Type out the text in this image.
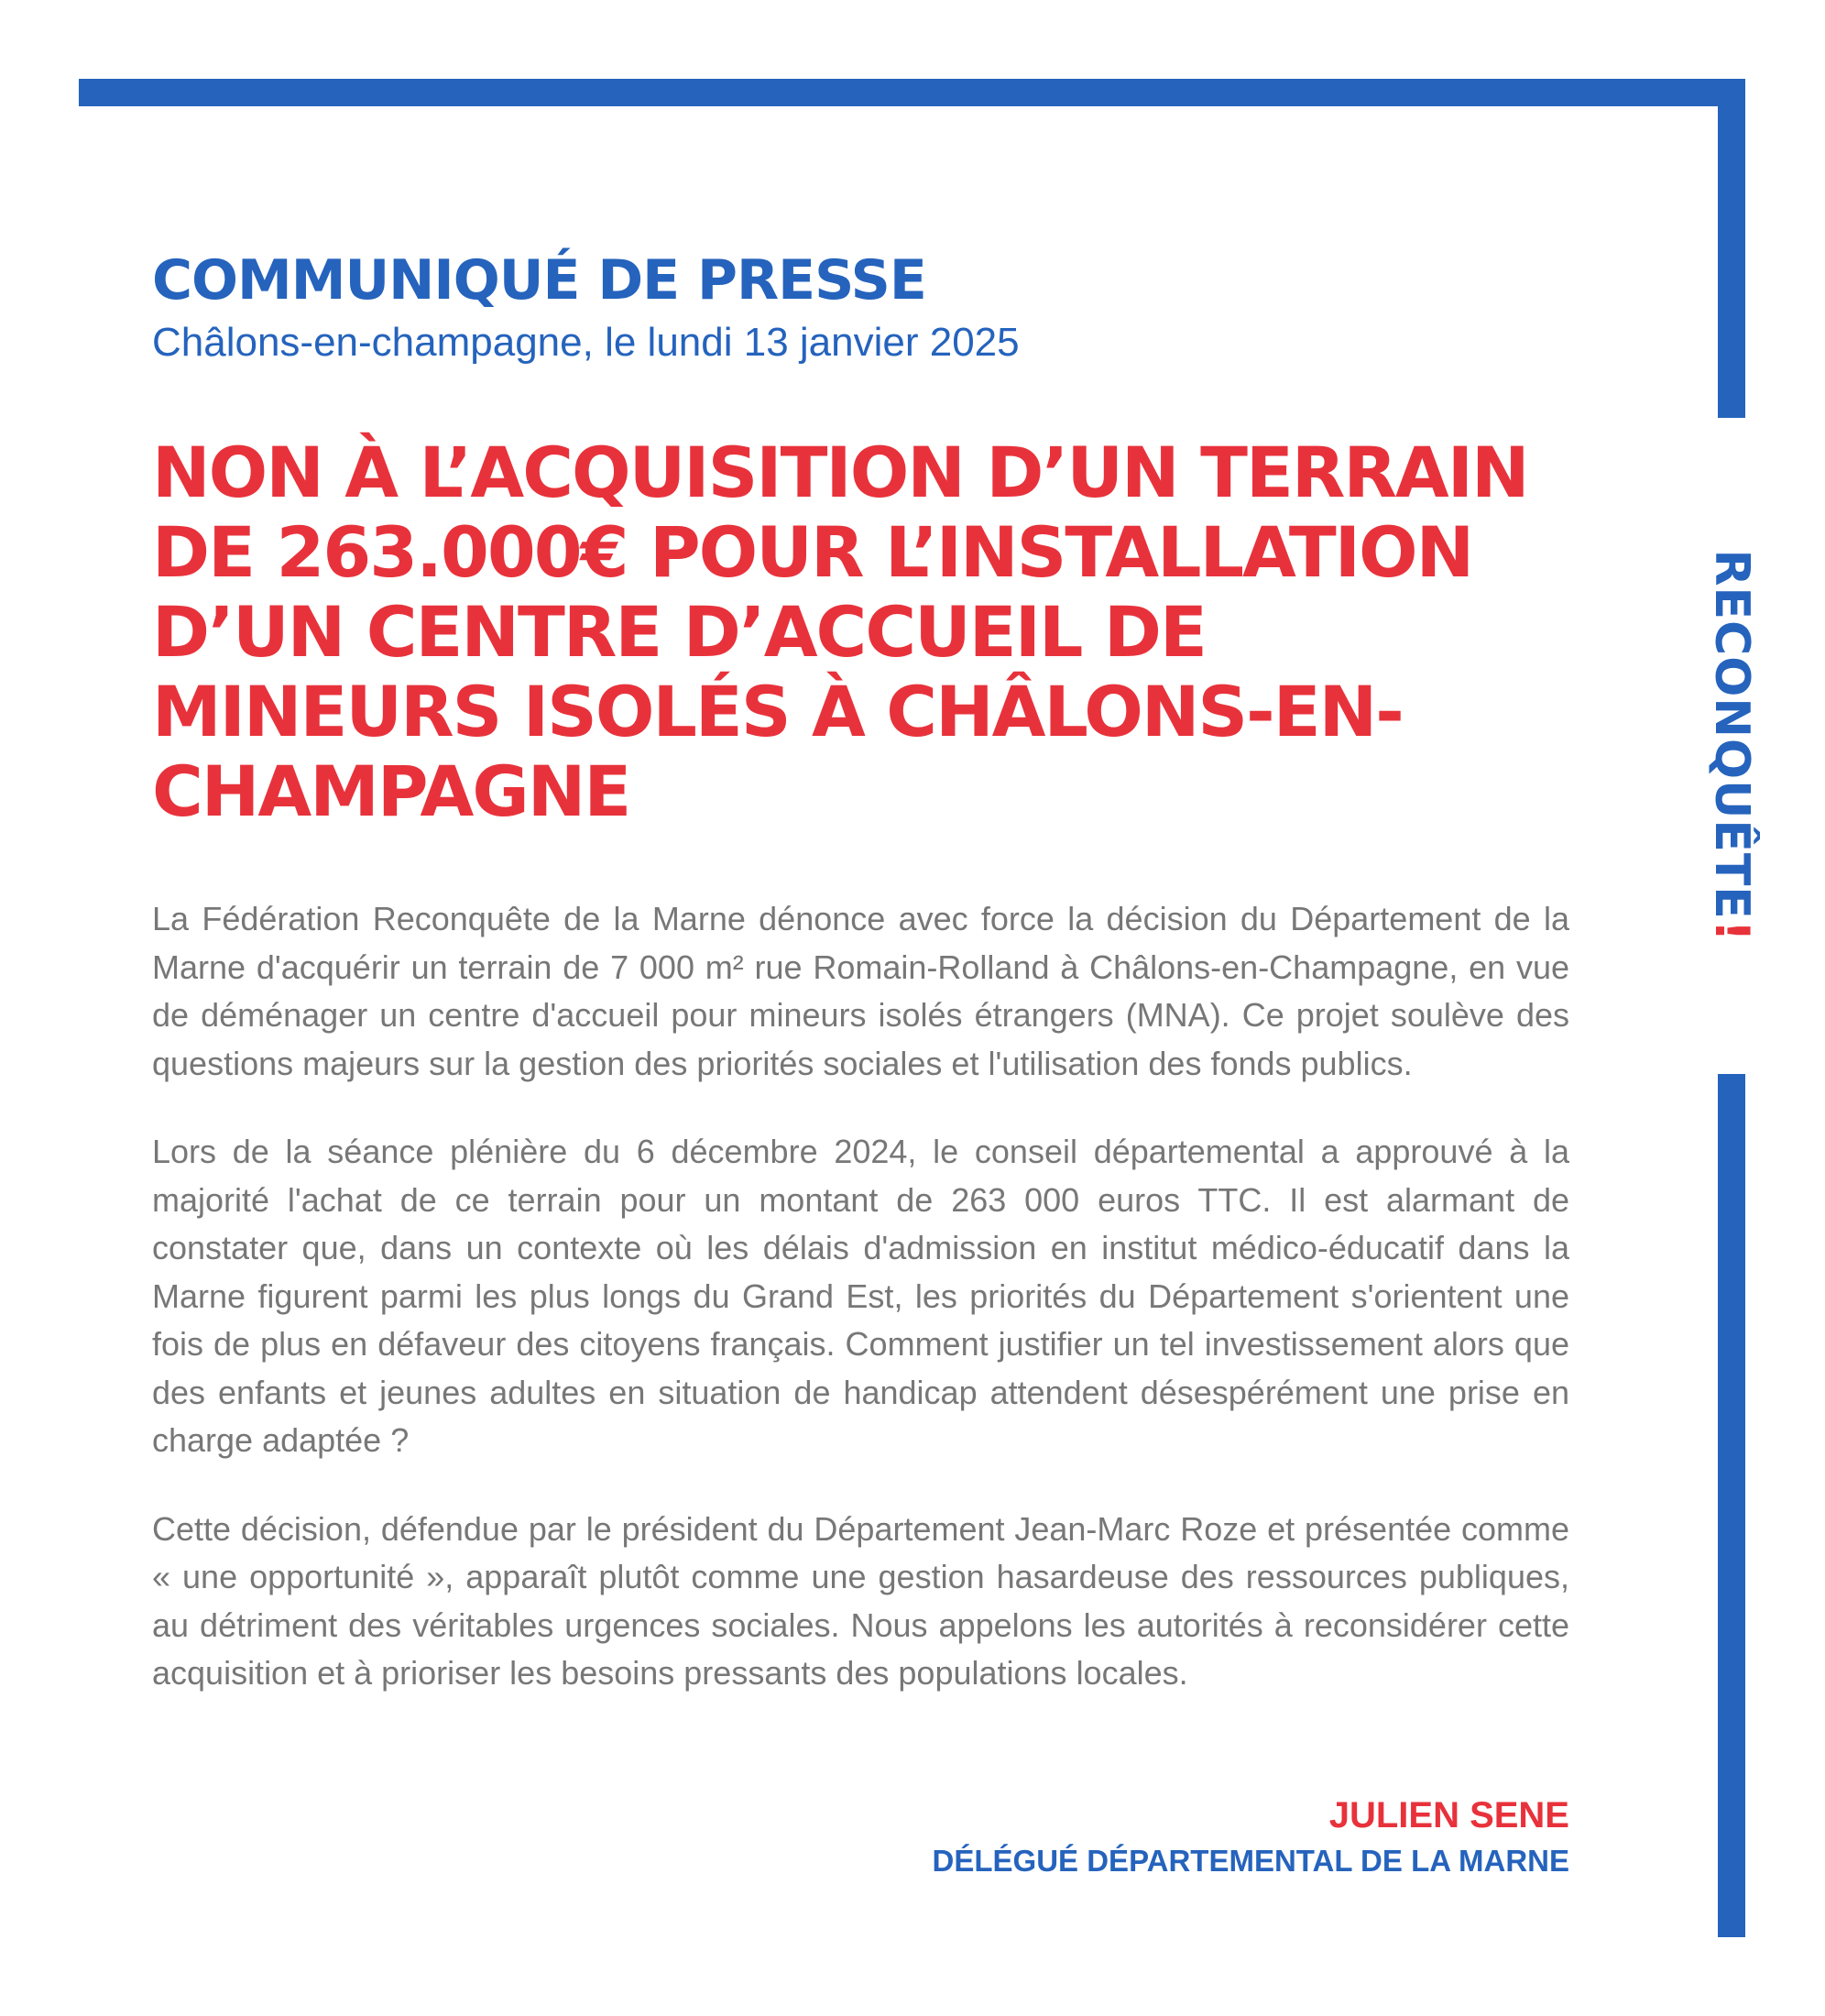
RECONQUÊTE!
COMMUNIQUÉ DE PRESSE

Châlons-en-champagne, le lundi 13 janvier 2025

NON À L’ACQUISITION D’UN TERRAIN DE 263.000€ POUR L’INSTALLATION D’UN CENTRE D’ACCUEIL DE MINEURS ISOLÉS À CHÂLONS-EN-CHAMPAGNE

La Fédération Reconquête de la Marne dénonce avec force la décision du Département de la Marne d'acquérir un terrain de 7 000 m² rue Romain-Rolland à Châlons-en-Champagne, en vue de déménager un centre d'accueil pour mineurs isolés étrangers (MNA). Ce projet soulève des questions majeurs sur la gestion des priorités sociales et l'utilisation des fonds publics.

Lors de la séance plénière du 6 décembre 2024, le conseil départemental a approuvé à la majorité l'achat de ce terrain pour un montant de 263 000 euros TTC. Il est alarmant de constater que, dans un contexte où les délais d'admission en institut médico-éducatif dans la Marne figurent parmi les plus longs du Grand Est, les priorités du Département s'orientent une fois de plus en défaveur des citoyens français. Comment justifier un tel investissement alors que des enfants et jeunes adultes en situation de handicap attendent désespérément une prise en charge adaptée ?

Cette décision, défendue par le président du Département Jean-Marc Roze et présentée comme « une opportunité », apparaît plutôt comme une gestion hasardeuse des ressources publiques, au détriment des véritables urgences sociales. Nous appelons les autorités à reconsidérer cette acquisition et à prioriser les besoins pressants des populations locales.

JULIEN SENE

DÉLÉGUÉ DÉPARTEMENTAL DE LA MARNE
